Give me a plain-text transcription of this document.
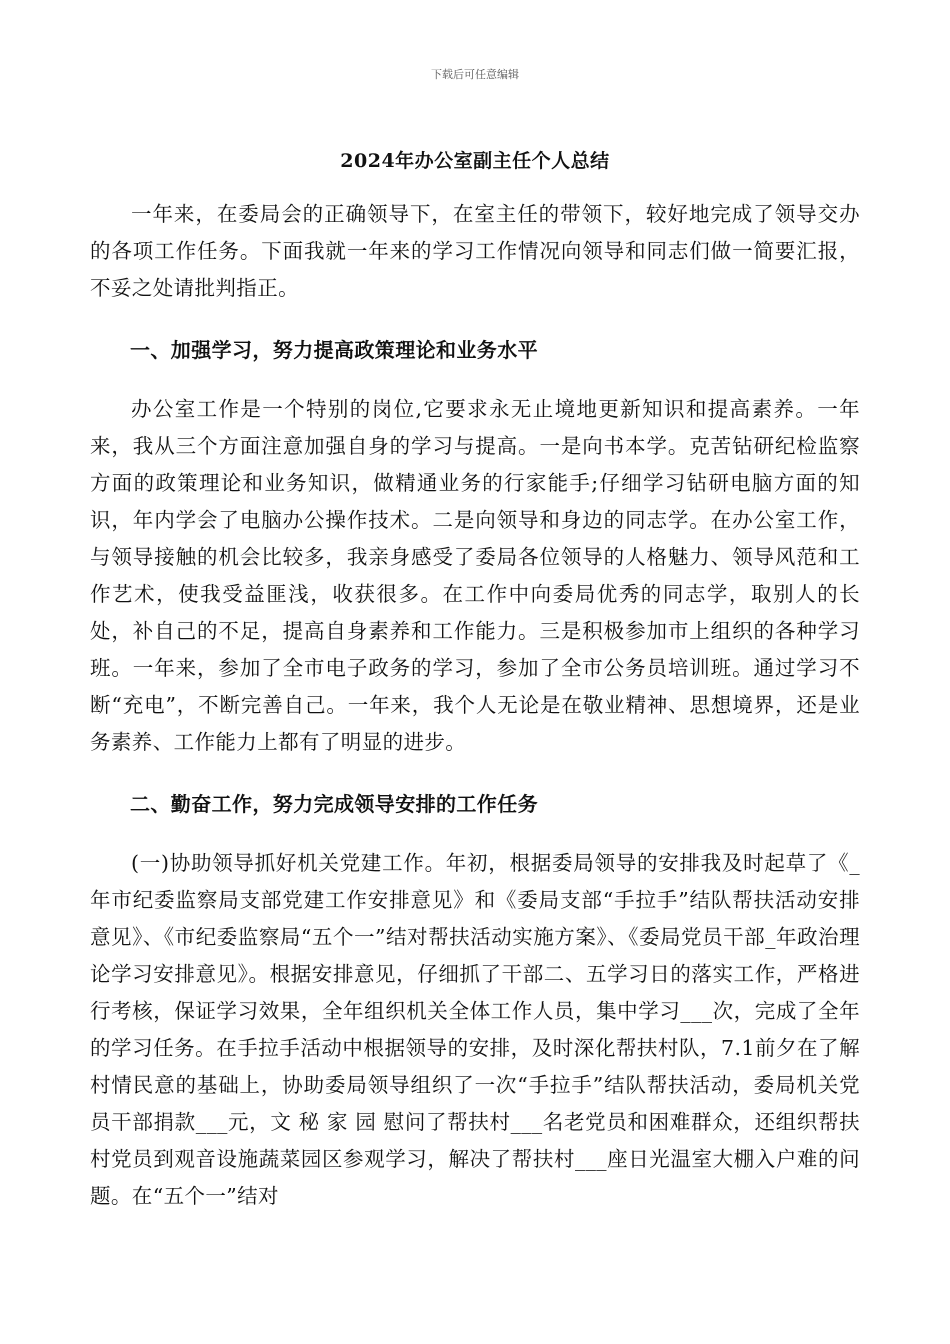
下载后可任意编辑
2024年办公室副主任个人总结

一年来，在委局会的正确领导下，在室主任的带领下，较好地完成了领导交办的各项工作任务。下面我就一年来的学习工作情况向领导和同志们做一简要汇报，不妥之处请批判指正。

一、加强学习，努力提高政策理论和业务水平

办公室工作是一个特别的岗位,它要求永无止境地更新知识和提高素养。一年来，我从三个方面注意加强自身的学习与提高。一是向书本学。克苦钻研纪检监察方面的政策理论和业务知识，做精通业务的行家能手;仔细学习钻研电脑方面的知识，年内学会了电脑办公操作技术。二是向领导和身边的同志学。在办公室工作，与领导接触的机会比较多，我亲身感受了委局各位领导的人格魅力、领导风范和工作艺术，使我受益匪浅，收获很多。在工作中向委局优秀的同志学，取别人的长处，补自己的不足，提高自身素养和工作能力。三是积极参加市上组织的各种学习班。一年来，参加了全市电子政务的学习，参加了全市公务员培训班。通过学习不断“充电”，不断完善自己。一年来，我个人无论是在敬业精神、思想境界，还是业务素养、工作能力上都有了明显的进步。

二、勤奋工作，努力完成领导安排的工作任务

(一)协助领导抓好机关党建工作。年初，根据委局领导的安排我及时起草了《_年市纪委监察局支部党建工作安排意见》和《委局支部“手拉手”结队帮扶活动安排意见》、《市纪委监察局“五个一”结对帮扶活动实施方案》、《委局党员干部_年政治理论学习安排意见》。根据安排意见，仔细抓了干部二、五学习日的落实工作，严格进行考核，保证学习效果，全年组织机关全体工作人员，集中学习___次，完成了全年的学习任务。在手拉手活动中根据领导的安排，及时深化帮扶村队，7.1前夕在了解村情民意的基础上，协助委局领导组织了一次“手拉手”结队帮扶活动，委局机关党员干部捐款___元，文 秘 家 园 慰问了帮扶村___名老党员和困难群众，还组织帮扶村党员到观音设施蔬菜园区参观学习，解决了帮扶村___座日光温室大棚入户难的问题。在“五个一”结对
